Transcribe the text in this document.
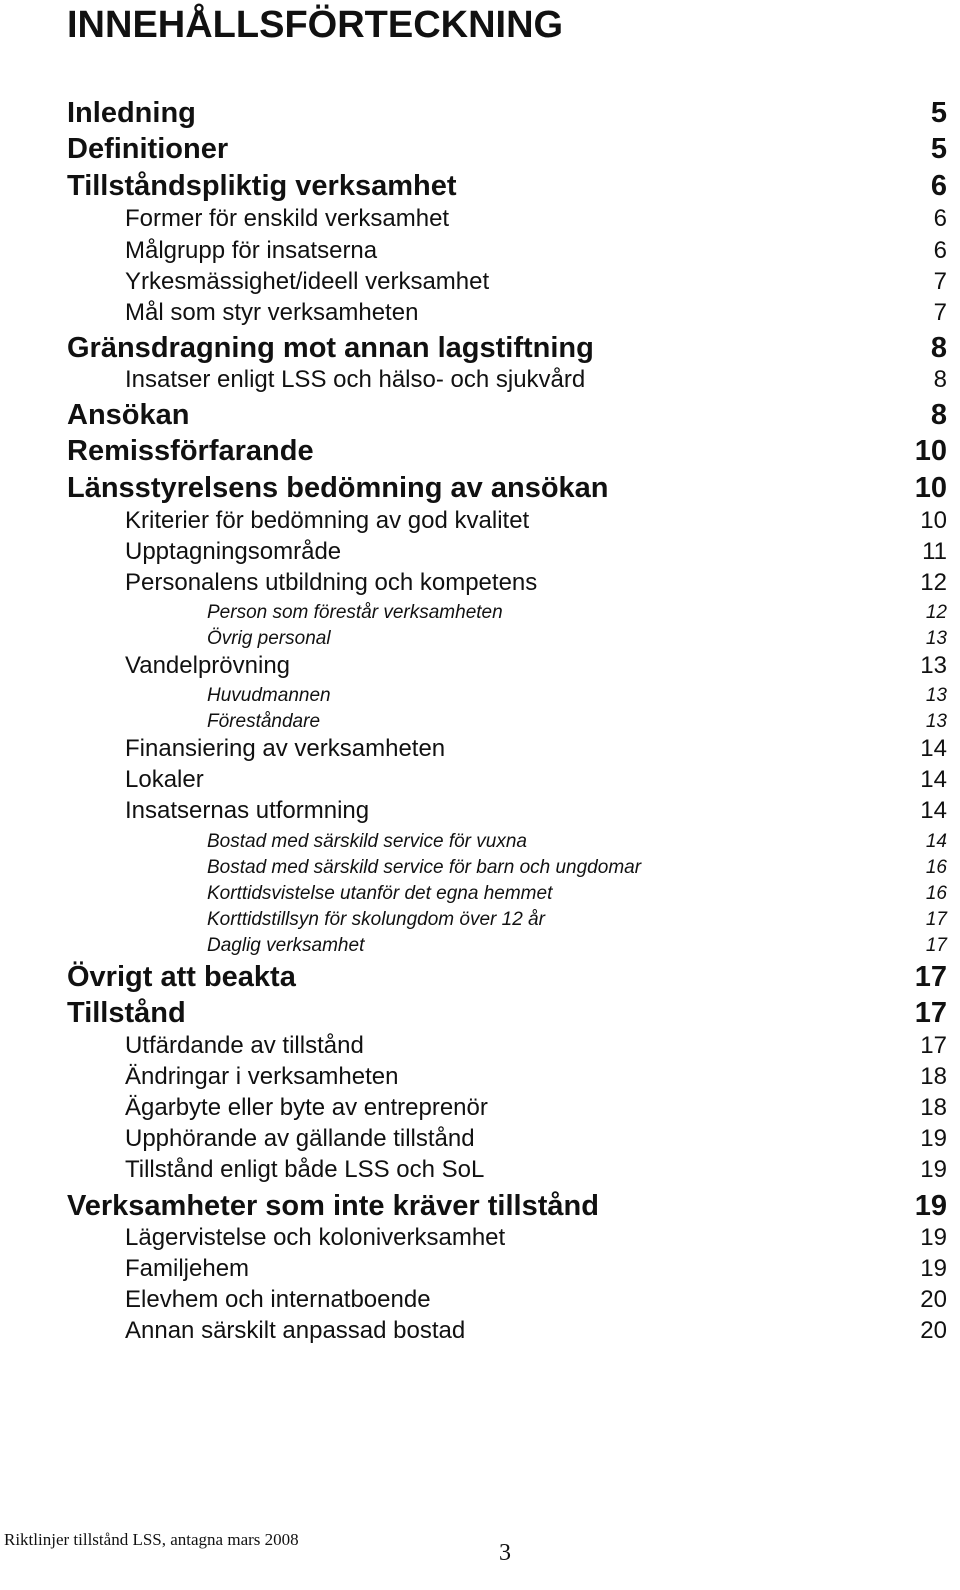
INNEHÅLLSFÖRTECKNING
Inledning	5
Definitioner	5
Tillståndspliktig verksamhet	6
Former för enskild verksamhet	6
Målgrupp för insatserna	6
Yrkesmässighet/ideell verksamhet	7
Mål som styr verksamheten	7
Gränsdragning mot annan lagstiftning	8
Insatser enligt LSS och hälso- och sjukvård	8
Ansökan	8
Remissförfarande	10
Länsstyrelsens bedömning av ansökan	10
Kriterier för bedömning av god kvalitet	10
Upptagningsområde	11
Personalens utbildning och kompetens	12
Person som förestår verksamheten	12
Övrig personal	13
Vandelprövning	13
Huvudmannen	13
Föreståndare	13
Finansiering av verksamheten	14
Lokaler	14
Insatsernas utformning	14
Bostad med särskild service för vuxna	14
Bostad med särskild service för barn och ungdomar	16
Korttidsvistelse utanför det egna hemmet	16
Korttidstillsyn för skolungdom över 12 år	17
Daglig verksamhet	17
Övrigt att beakta	17
Tillstånd	17
Utfärdande av tillstånd	17
Ändringar i verksamheten	18
Ägarbyte eller byte av entreprenör	18
Upphörande av gällande tillstånd	19
Tillstånd enligt både LSS och SoL	19
Verksamheter som inte kräver tillstånd	19
Lägervistelse och koloniverksamhet	19
Familjehem	19
Elevhem och internatboende	20
Annan särskilt anpassad bostad	20
Riktlinjer tillstånd LSS, antagna mars 2008
3
